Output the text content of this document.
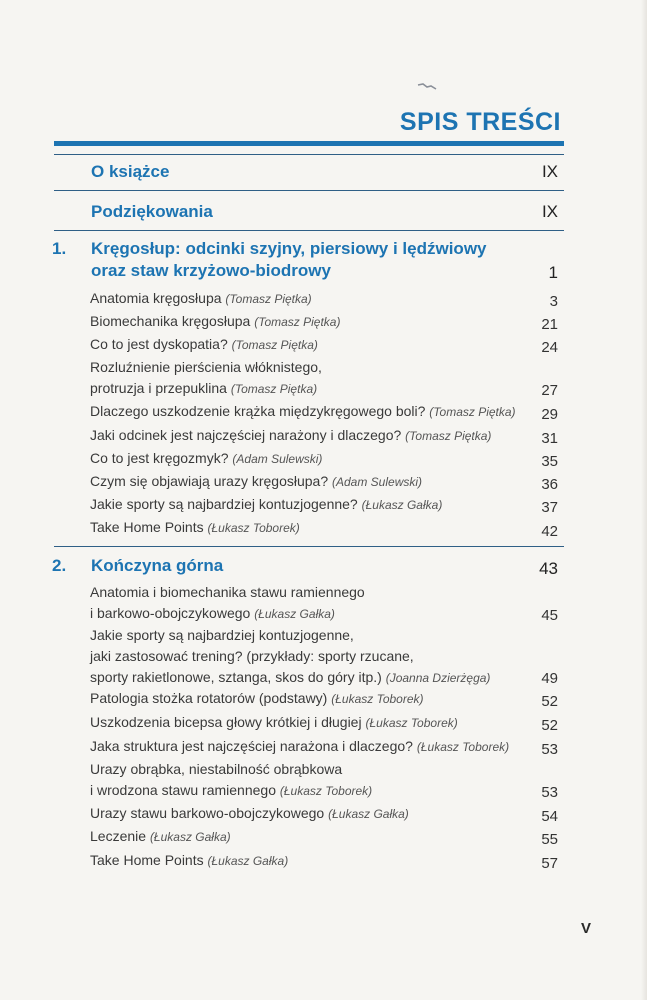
SPIS TREŚCI
O książce	IX
Podziękowania	IX
1. Kręgosłup: odcinki szyjny, piersiowy i lędźwiowy
oraz staw krzyżowo-biodrowy	1
Anatomia kręgosłupa (Tomasz Piętka)	3
Biomechanika kręgosłupa (Tomasz Piętka)	21
Co to jest dyskopatia? (Tomasz Piętka)	24
Rozluźnienie pierścienia włóknistego,
protruzja i przepuklina (Tomasz Piętka)	27
Dlaczego uszkodzenie krążka międzykręgowego boli? (Tomasz Piętka)	29
Jaki odcinek jest najczęściej narażony i dlaczego? (Tomasz Piętka)	31
Co to jest kręgozmyk? (Adam Sulewski)	35
Czym się objawiają urazy kręgosłupa? (Adam Sulewski)	36
Jakie sporty są najbardziej kontuzjogenne? (Łukasz Gałka)	37
Take Home Points (Łukasz Toborek)	42
2. Kończyna górna	43
Anatomia i biomechanika stawu ramiennego
i barkowo-obojczykowego (Łukasz Gałka)	45
Jakie sporty są najbardziej kontuzjogenne,
jaki zastosować trening? (przykłady: sporty rzucane,
sporty rakietlonowe, sztanga, skos do góry itp.) (Joanna Dzierżęga)	49
Patologia stożka rotatorów (podstawy) (Łukasz Toborek)	52
Uszkodzenia bicepsa głowy krótkiej i długiej (Łukasz Toborek)	52
Jaka struktura jest najczęściej narażona i dlaczego? (Łukasz Toborek)	53
Urazy obrąbka, niestabilność obrąbkowa
i wrodzona stawu ramiennego (Łukasz Toborek)	53
Urazy stawu barkowo-obojczykowego (Łukasz Gałka)	54
Leczenie (Łukasz Gałka)	55
Take Home Points (Łukasz Gałka)	57
V
